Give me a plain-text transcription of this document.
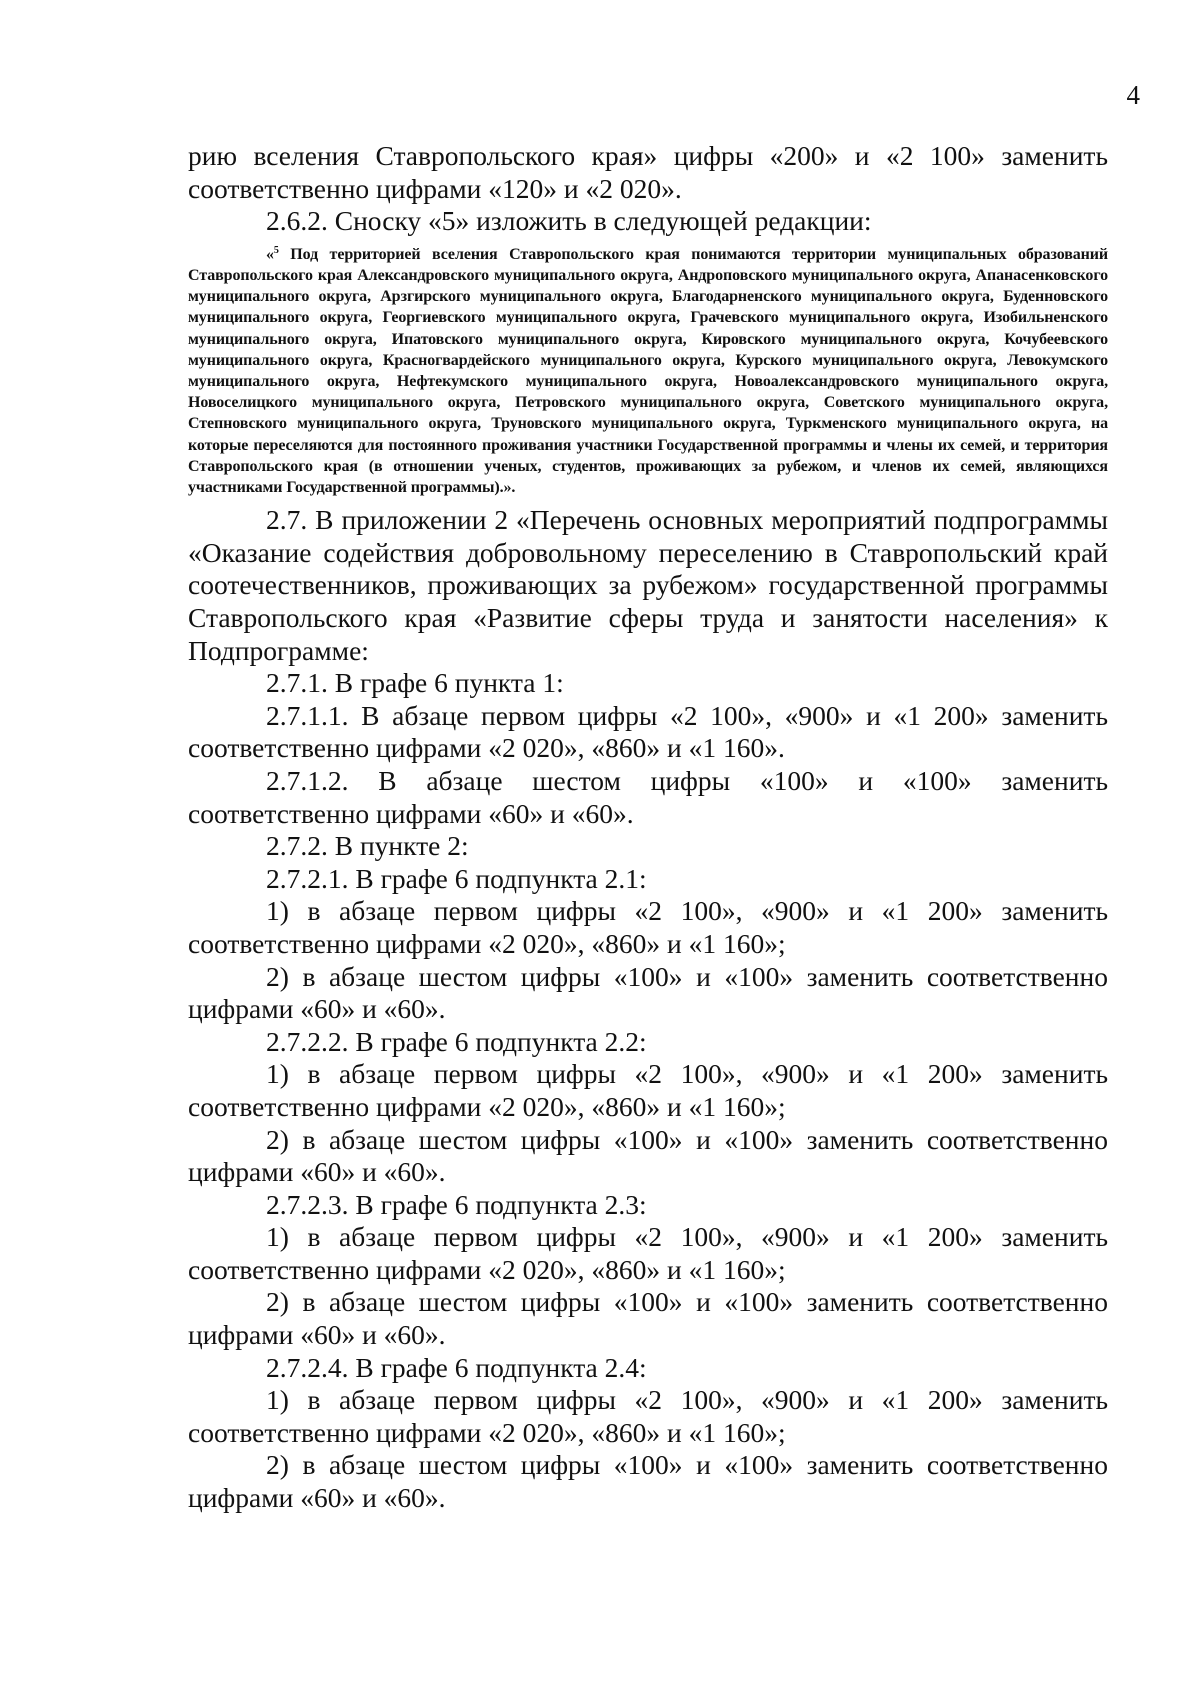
4

рию вселения Ставропольского края» цифры «200» и «2 100» заменить соответственно цифрами «120» и «2 020».

2.6.2. Сноску «5» изложить в следующей редакции:

«$^5$ Под территорией вселения Ставропольского края понимаются территории муниципальных образований Ставропольского края Александровского муниципального округа, Андроповского муниципального округа, Апанасенковского муниципального округа, Арзгирского муниципального округа, Благодарненского муниципального округа, Буденновского муниципального округа, Георгиевского муниципального округа, Грачевского муниципального округа, Изобильненского муниципального округа, Ипатовского муниципального округа, Кировского муниципального округа, Кочубеевского муниципального округа, Красногвардейского муниципального округа, Курского муниципального округа, Левокумского муниципального округа, Нефтекумского муниципального округа, Новоалександровского муниципального округа, Новоселицкого муниципального округа, Петровского муниципального округа, Советского муниципального округа, Степновского муниципального округа, Труновского муниципального округа, Туркменского муниципального округа, на которые переселяются для постоянного проживания участники Государственной программы и члены их семей, и территория Ставропольского края (в отношении ученых, студентов, проживающих за рубежом, и членов их семей, являющихся участниками Государственной программы).».

2.7. В приложении 2 «Перечень основных мероприятий подпрограммы «Оказание содействия добровольному переселению в Ставропольский край соотечественников, проживающих за рубежом» государственной программы Ставропольского края «Развитие сферы труда и занятости населения» к Подпрограмме:

2.7.1. В графе 6 пункта 1:

2.7.1.1. В абзаце первом цифры «2 100», «900» и «1 200» заменить соответственно цифрами «2 020», «860» и «1 160».

2.7.1.2. В абзаце шестом цифры «100» и «100» заменить соответственно цифрами «60» и «60».

2.7.2. В пункте 2:

2.7.2.1. В графе 6 подпункта 2.1:

1) в абзаце первом цифры «2 100», «900» и «1 200» заменить соответственно цифрами «2 020», «860» и «1 160»;

2) в абзаце шестом цифры «100» и «100» заменить соответственно цифрами «60» и «60».

2.7.2.2. В графе 6 подпункта 2.2:

1) в абзаце первом цифры «2 100», «900» и «1 200» заменить соответственно цифрами «2 020», «860» и «1 160»;

2) в абзаце шестом цифры «100» и «100» заменить соответственно цифрами «60» и «60».

2.7.2.3. В графе 6 подпункта 2.3:

1) в абзаце первом цифры «2 100», «900» и «1 200» заменить соответственно цифрами «2 020», «860» и «1 160»;

2) в абзаце шестом цифры «100» и «100» заменить соответственно цифрами «60» и «60».

2.7.2.4. В графе 6 подпункта 2.4:

1) в абзаце первом цифры «2 100», «900» и «1 200» заменить соответственно цифрами «2 020», «860» и «1 160»;

2) в абзаце шестом цифры «100» и «100» заменить соответственно цифрами «60» и «60».
